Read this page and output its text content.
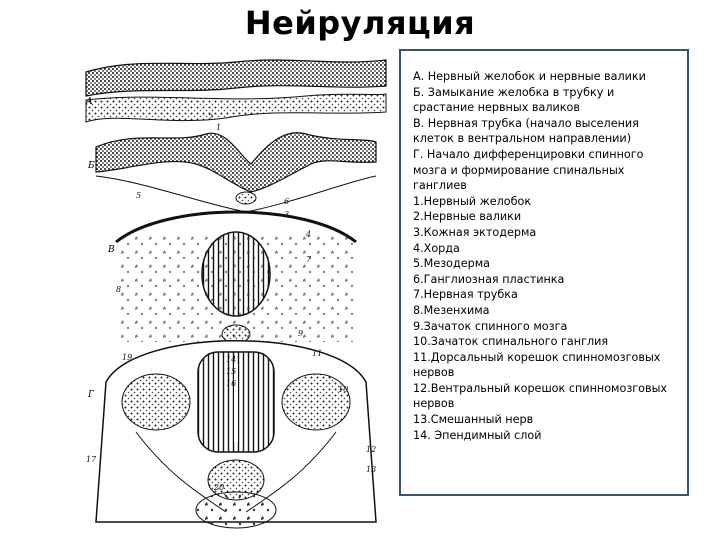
Нейруляция
А
Б
В
Г
1
2
3
4
5
6
7
8
9
10
11
19
12
13
14
15
16
17
20
А. Нервный желобок и нервные валики
Б. Замыкание желобка в трубку и
срастание нервных валиков
В. Нервная трубка (начало выселения
клеток в вентральном направлении)
Г. Начало дифференцировки спинного
мозга и формирование спинальных
ганглиев
1.Нервный желобок
2.Нервные валики
3.Кожная эктодерма
4.Хорда
5.Мезодерма
6.Ганглиозная пластинка
7.Нервная трубка
8.Мезенхима
9.Зачаток спинного мозга
10.Зачаток спинального ганглия
11.Дорсальный корешок спинномозговых
нервов
12.Вентральный корешок спинномозговых
нервов
13.Смешанный нерв
14. Эпендимный слой
